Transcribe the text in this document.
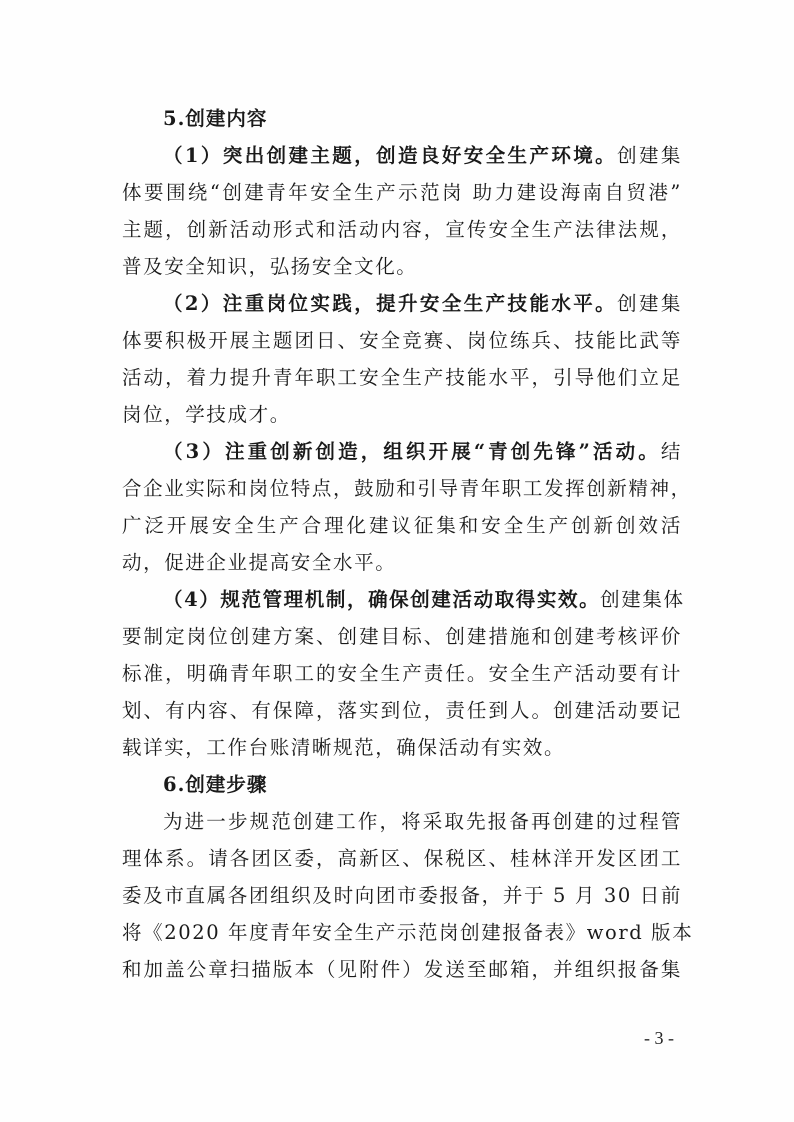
5.创建内容
（1）突出创建主题，创造良好安全生产环境。创建集
体要围绕“创建青年安全生产示范岗 助力建设海南自贸港”
主题，创新活动形式和活动内容，宣传安全生产法律法规，
普及安全知识，弘扬安全文化。
（2）注重岗位实践，提升安全生产技能水平。创建集
体要积极开展主题团日、安全竞赛、岗位练兵、技能比武等
活动，着力提升青年职工安全生产技能水平，引导他们立足
岗位，学技成才。
（3）注重创新创造，组织开展“青创先锋”活动。结
合企业实际和岗位特点，鼓励和引导青年职工发挥创新精神，
广泛开展安全生产合理化建议征集和安全生产创新创效活
动，促进企业提高安全水平。
（4）规范管理机制，确保创建活动取得实效。创建集体
要制定岗位创建方案、创建目标、创建措施和创建考核评价
标准，明确青年职工的安全生产责任。安全生产活动要有计
划、有内容、有保障，落实到位，责任到人。创建活动要记
载详实，工作台账清晰规范，确保活动有实效。
6.创建步骤
为进一步规范创建工作，将采取先报备再创建的过程管
理体系。请各团区委，高新区、保税区、桂林洋开发区团工
委及市直属各团组织及时向团市委报备，并于 5 月 30 日前
将《2020 年度青年安全生产示范岗创建报备表》word 版本
和加盖公章扫描版本（见附件）发送至邮箱，并组织报备集
- 3 -
